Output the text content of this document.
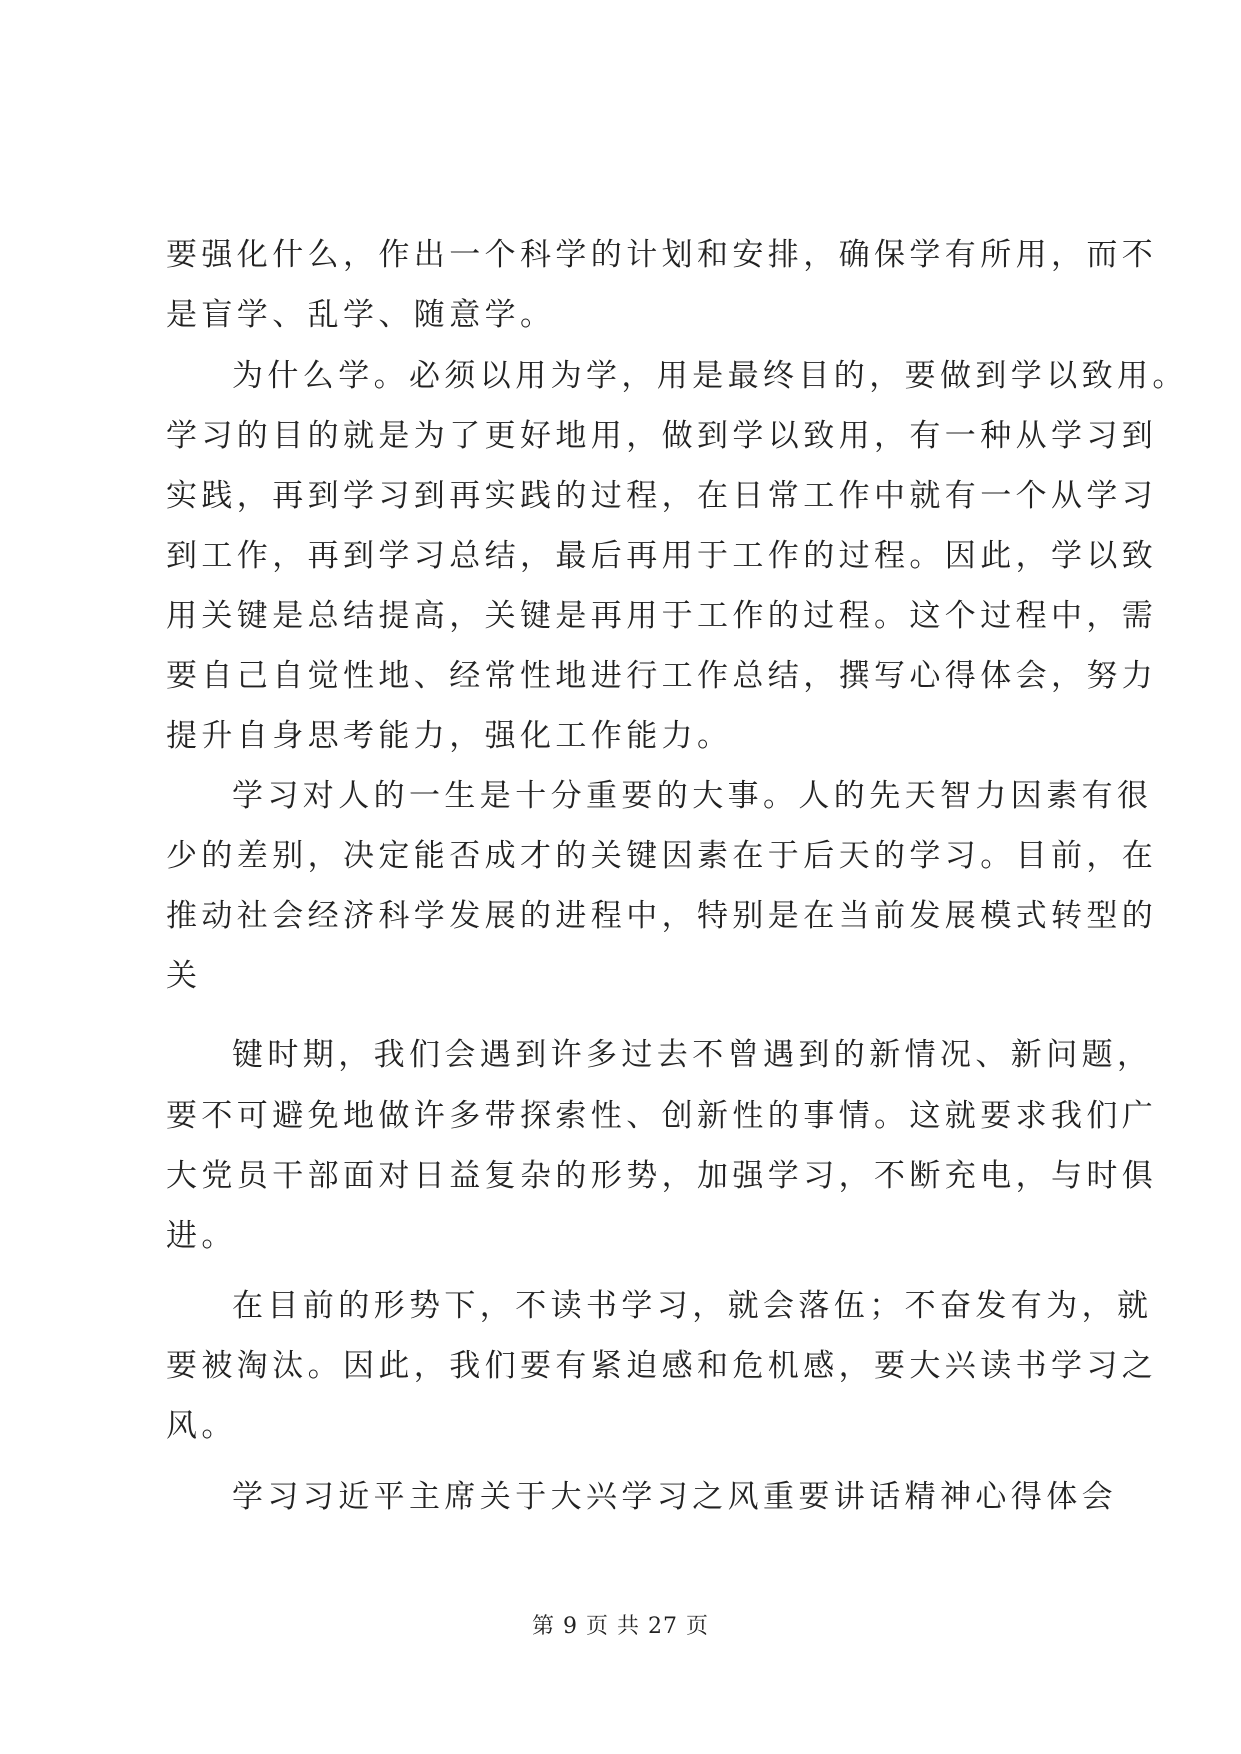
要强化什么，作出一个科学的计划和安排，确保学有所用，而不
是盲学、乱学、随意学。
为什么学。必须以用为学，用是最终目的，要做到学以致用。
学习的目的就是为了更好地用，做到学以致用，有一种从学习到
实践，再到学习到再实践的过程，在日常工作中就有一个从学习
到工作，再到学习总结，最后再用于工作的过程。因此，学以致
用关键是总结提高，关键是再用于工作的过程。这个过程中，需
要自己自觉性地、经常性地进行工作总结，撰写心得体会，努力
提升自身思考能力，强化工作能力。
学习对人的一生是十分重要的大事。人的先天智力因素有很
少的差别，决定能否成才的关键因素在于后天的学习。目前，在
推动社会经济科学发展的进程中，特别是在当前发展模式转型的
关
键时期，我们会遇到许多过去不曾遇到的新情况、新问题，
要不可避免地做许多带探索性、创新性的事情。这就要求我们广
大党员干部面对日益复杂的形势，加强学习，不断充电，与时俱
进。
在目前的形势下，不读书学习，就会落伍；不奋发有为，就
要被淘汰。因此，我们要有紧迫感和危机感，要大兴读书学习之
风。
学习习近平主席关于大兴学习之风重要讲话精神心得体会
第 9 页 共 27 页
